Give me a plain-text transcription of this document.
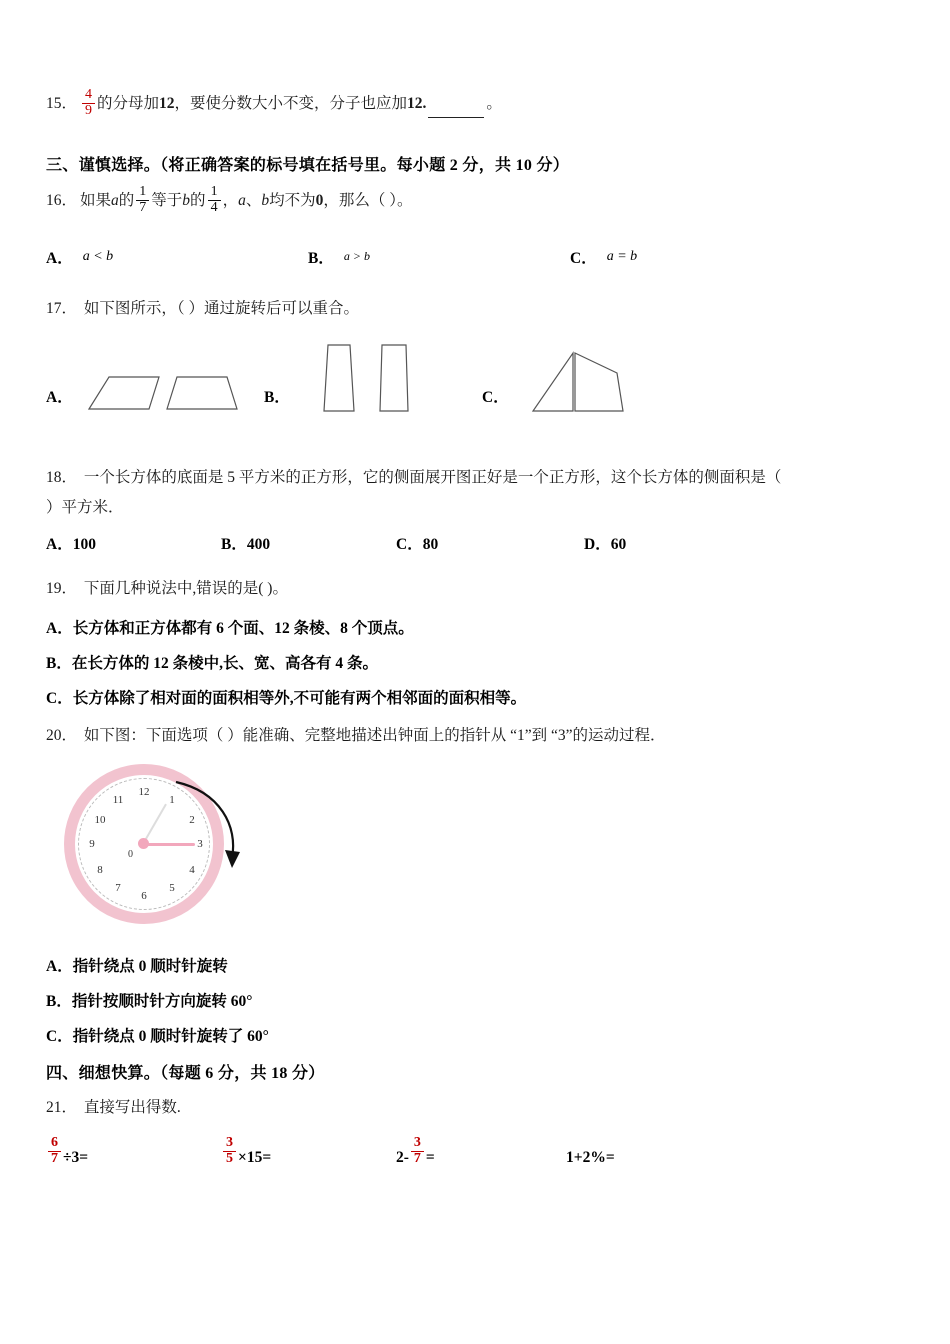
15． $\frac{4}{9}$ 的分母加 12 ，要使分数大小不变，分子也应加 12.	。
三、谨慎选择。（将正确答案的标号填在括号里。每小题 2 分，共 10 分）
16． 如果 a 的 $\frac{1}{7}$ 等于 b 的 $\frac{1}{4}$ ， a 、 b 均不为 0 ，那么（ ）。
A． a < b	B． a > b	C． a = b
17． 如下图所示，（ ）通过旋转后可以重合。
A．	B．	C．
18． 一个长方体的底面是 5 平方米的正方形，它的侧面展开图正好是一个正方形，这个长方体的侧面积是（
）平方米．
A．100	B．400	C．80	D．60
19． 下面几种说法中,错误的是( )。
A．长方体和正方体都有 6 个面、12 条棱、8 个顶点。
B．在长方体的 12 条棱中,长、宽、高各有 4 条。
C．长方体除了相对面的面积相等外,不可能有两个相邻面的面积相等。
20． 如下图：下面选项（ ）能准确、完整地描述出钟面上的指针从 “1”到 “3”的运动过程．
12
1
2
3
4
5
6
7
8
9
10
11
0
A．指针绕点 0 顺时针旋转
B．指针按顺时针方向旋转 60°
C．指针绕点 0 顺时针旋转了 60°
四、细想快算。（每题 6 分，共 18 分）
21． 直接写出得数.
$\frac{6}{7} \div 3=$	$\frac{3}{5} \times 15=$	$2- \frac{3}{7}$ =	1+2%=
